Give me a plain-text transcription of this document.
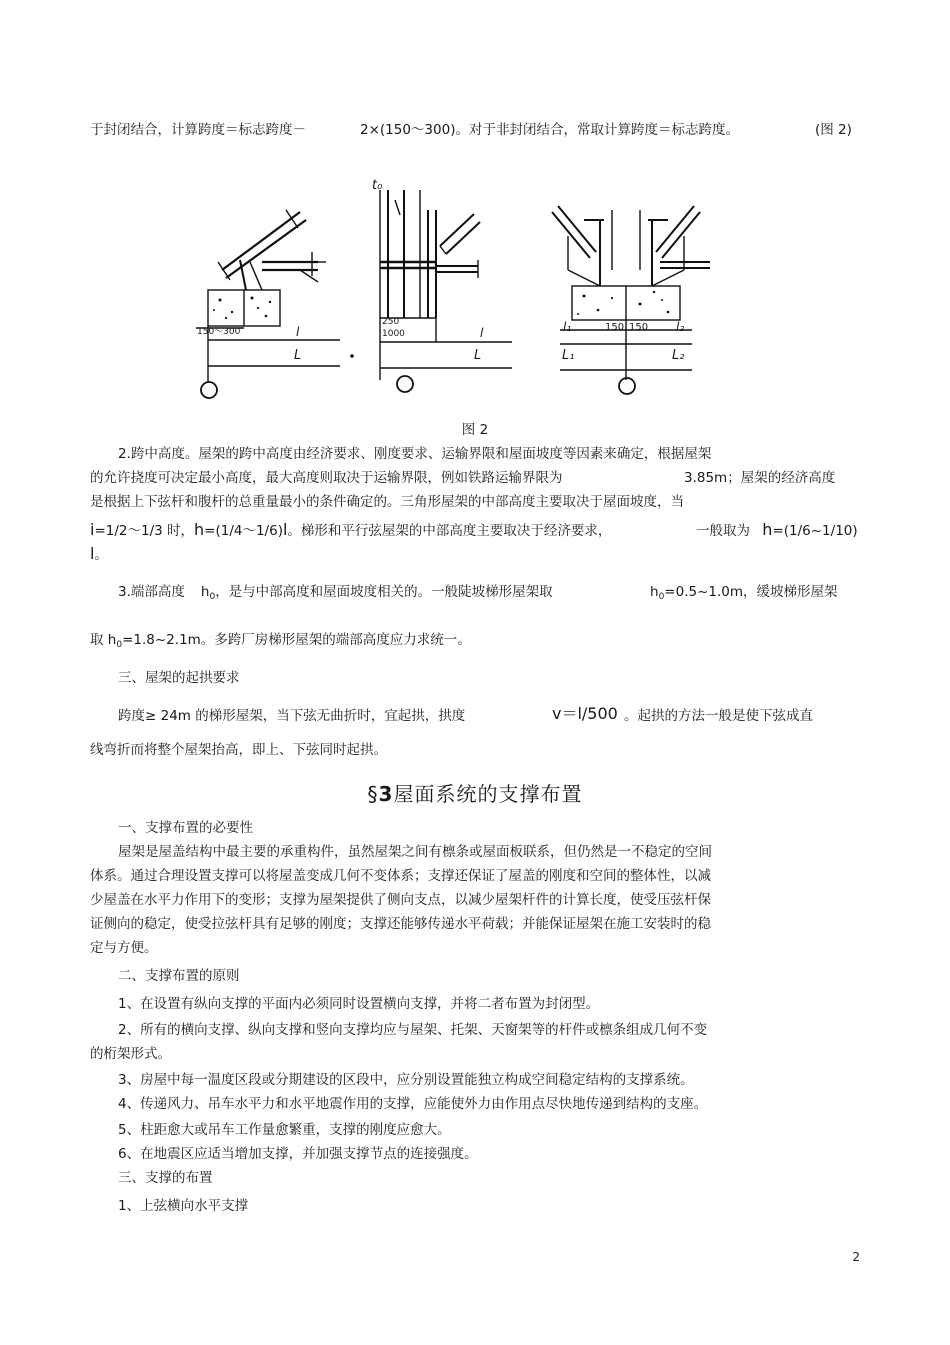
于封闭结合，计算跨度＝标志跨度－	2×(150～300)。对于非封闭结合，常取计算跨度＝标志跨度。	(图 2)
150～300	l
L
t₀
250
1000	l
L
l₁	150 150 l₂
L₁	L₂
图 2
2.跨中高度。屋架的跨中高度由经济要求、刚度要求、运输界限和屋面坡度等因素来确定，根据屋架
的允许挠度可决定最小高度，最大高度则取决于运输界限，例如铁路运输界限为	3.85m；屋架的经济高度
是根据上下弦杆和腹杆的总重量最小的条件确定的。三角形屋架的中部高度主要取决于屋面坡度，当
i=1/2～1/3 时，h=(1/4～1/6)l。梯形和平行弦屋架的中部高度主要取决于经济要求，	一般取为 h=(1/6~1/10)
l。
3.端部高度 $h_0$，是与中部高度和屋面坡度相关的。一般陡坡梯形屋架取	$h_0=0.5\sim 1.0m$，缓坡梯形屋架
取 $h_0=1.8\sim 2.1m$。多跨厂房梯形屋架的端部高度应力求统一。
三、屋架的起拱要求
跨度≥ 24m 的梯形屋架，当下弦无曲折时，宜起拱，拱度	v＝l/500 。起拱的方法一般是使下弦成直
线弯折而将整个屋架抬高，即上、下弦同时起拱。
§3屋面系统的支撑布置
一、支撑布置的必要性
屋架是屋盖结构中最主要的承重构件，虽然屋架之间有檩条或屋面板联系，但仍然是一不稳定的空间
体系。通过合理设置支撑可以将屋盖变成几何不变体系；支撑还保证了屋盖的刚度和空间的整体性，以减
少屋盖在水平力作用下的变形；支撑为屋架提供了侧向支点，以减少屋架杆件的计算长度，使受压弦杆保
证侧向的稳定，使受拉弦杆具有足够的刚度；支撑还能够传递水平荷载；并能保证屋架在施工安装时的稳
定与方便。
二、支撑布置的原则
1、在设置有纵向支撑的平面内必须同时设置横向支撑，并将二者布置为封闭型。
2、所有的横向支撑、纵向支撑和竖向支撑均应与屋架、托架、天窗架等的杆件或檩条组成几何不变
的桁架形式。
3、房屋中每一温度区段或分期建设的区段中，应分别设置能独立构成空间稳定结构的支撑系统。
4、传递风力、吊车水平力和水平地震作用的支撑，应能使外力由作用点尽快地传递到结构的支座。
5、柱距愈大或吊车工作量愈繁重，支撑的刚度应愈大。
6、在地震区应适当增加支撑，并加强支撑节点的连接强度。
三、支撑的布置
1、上弦横向水平支撑
2
